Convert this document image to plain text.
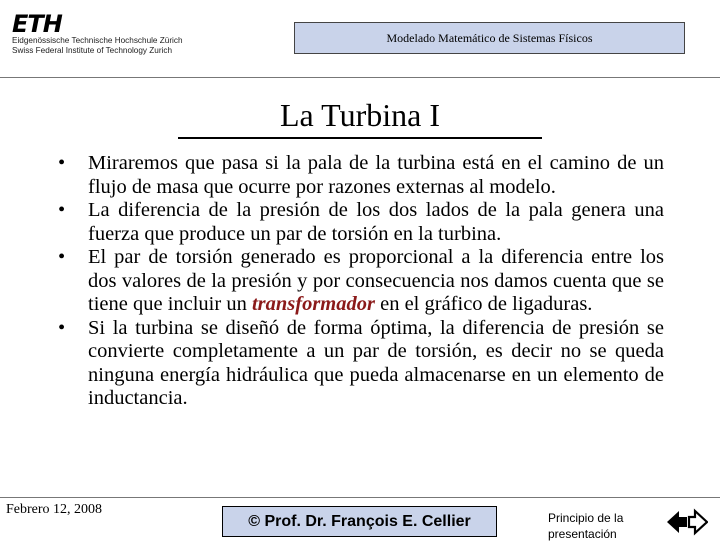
ETH
Eidgenössische Technische Hochschule Zürich
Swiss Federal Institute of Technology Zurich
Modelado Matemático de Sistemas Físicos
La Turbina I
• Miraremos que pasa si la pala de la turbina está en el camino de un flujo de masa que ocurre por razones externas al modelo.
• La diferencia de la presión de los dos lados de la pala genera una fuerza que produce un par de torsión en la turbina.
• El par de torsión generado es proporcional a la diferencia entre los dos valores de la presión y por consecuencia nos damos cuenta que se tiene que incluir un transformador en el gráfico de ligaduras.
• Si la turbina se diseñó de forma óptima, la diferencia de presión se convierte completamente a un par de torsión, es decir no se queda ninguna energía hidráulica que pueda almacenarse en un elemento de inductancia.
Febrero 12, 2008
© Prof. Dr. François E. Cellier	Principio de la presentación
